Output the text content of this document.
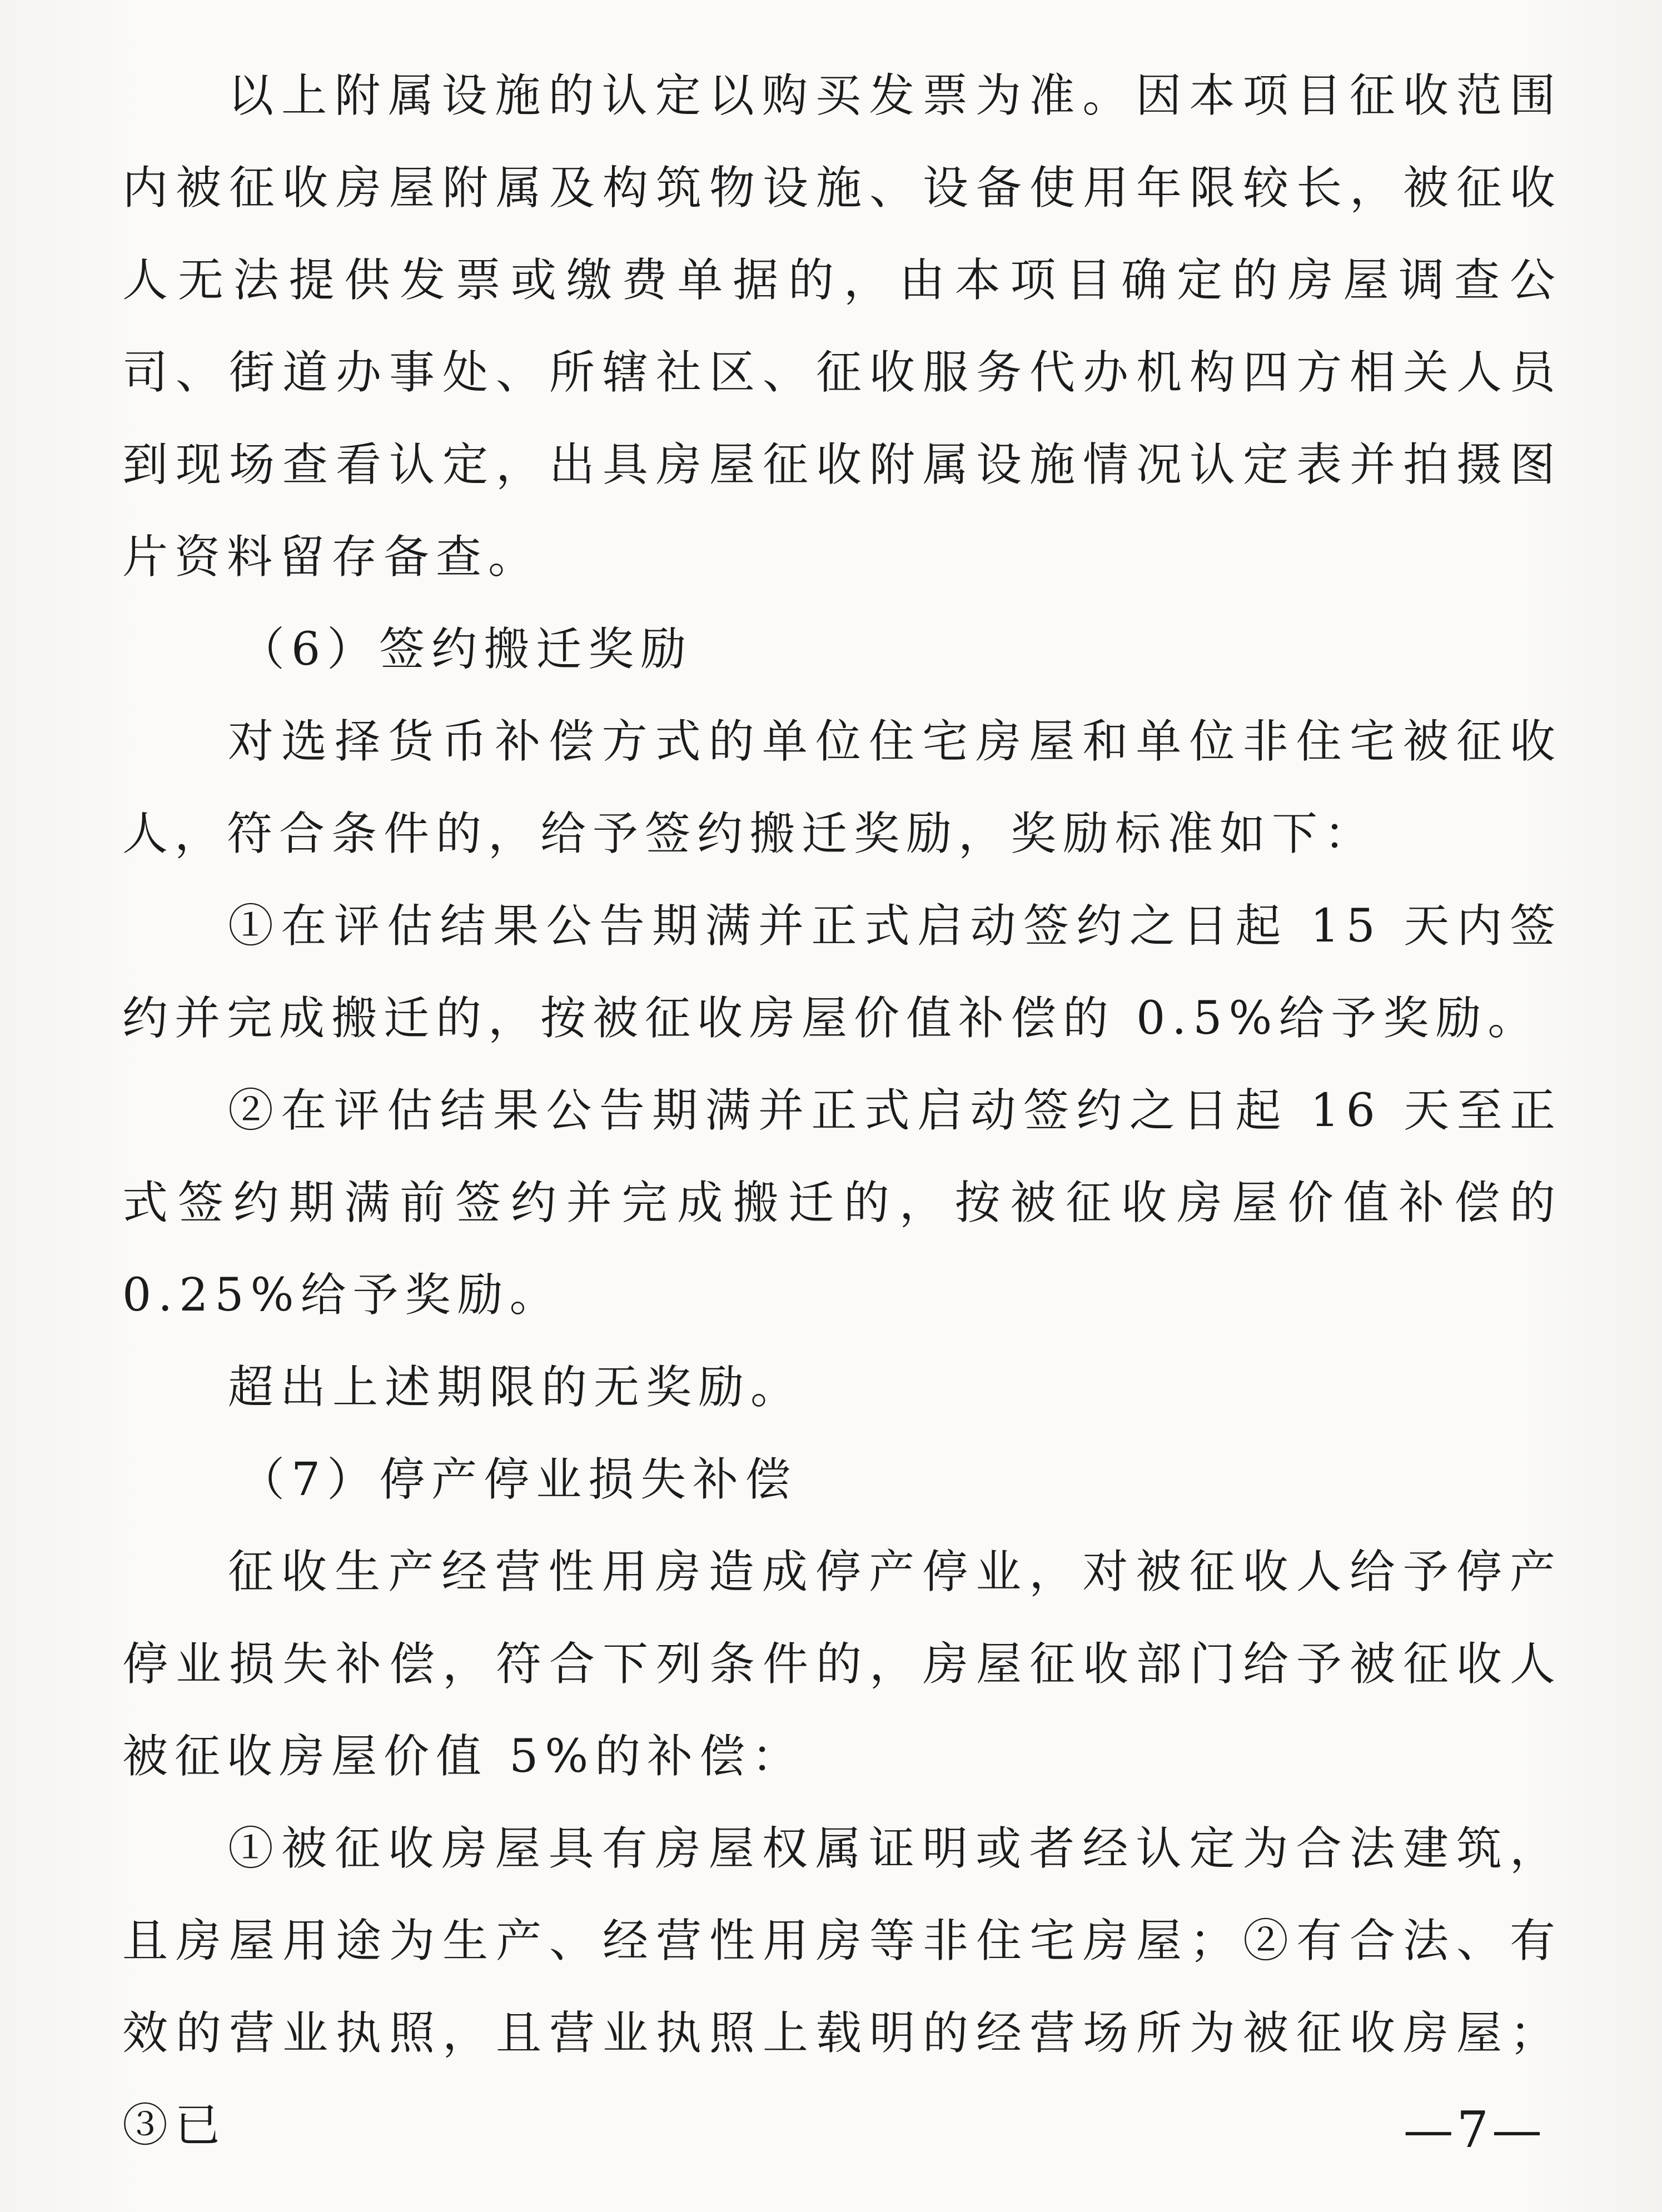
以上附属设施的认定以购买发票为准。因本项目征收范围内被征收房屋附属及构筑物设施、设备使用年限较长，被征收人无法提供发票或缴费单据的，由本项目确定的房屋调查公司、街道办事处、所辖社区、征收服务代办机构四方相关人员到现场查看认定，出具房屋征收附属设施情况认定表并拍摄图片资料留存备查。

（6）签约搬迁奖励

对选择货币补偿方式的单位住宅房屋和单位非住宅被征收人，符合条件的，给予签约搬迁奖励，奖励标准如下：

①在评估结果公告期满并正式启动签约之日起 15 天内签约并完成搬迁的，按被征收房屋价值补偿的 0.5%给予奖励。

②在评估结果公告期满并正式启动签约之日起 16 天至正式签约期满前签约并完成搬迁的，按被征收房屋价值补偿的 0.25%给予奖励。

超出上述期限的无奖励。

（7）停产停业损失补偿

征收生产经营性用房造成停产停业，对被征收人给予停产停业损失补偿，符合下列条件的，房屋征收部门给予被征收人被征收房屋价值 5%的补偿：

①被征收房屋具有房屋权属证明或者经认定为合法建筑，且房屋用途为生产、经营性用房等非住宅房屋；②有合法、有效的营业执照，且营业执照上载明的经营场所为被征收房屋；③已	—7—
